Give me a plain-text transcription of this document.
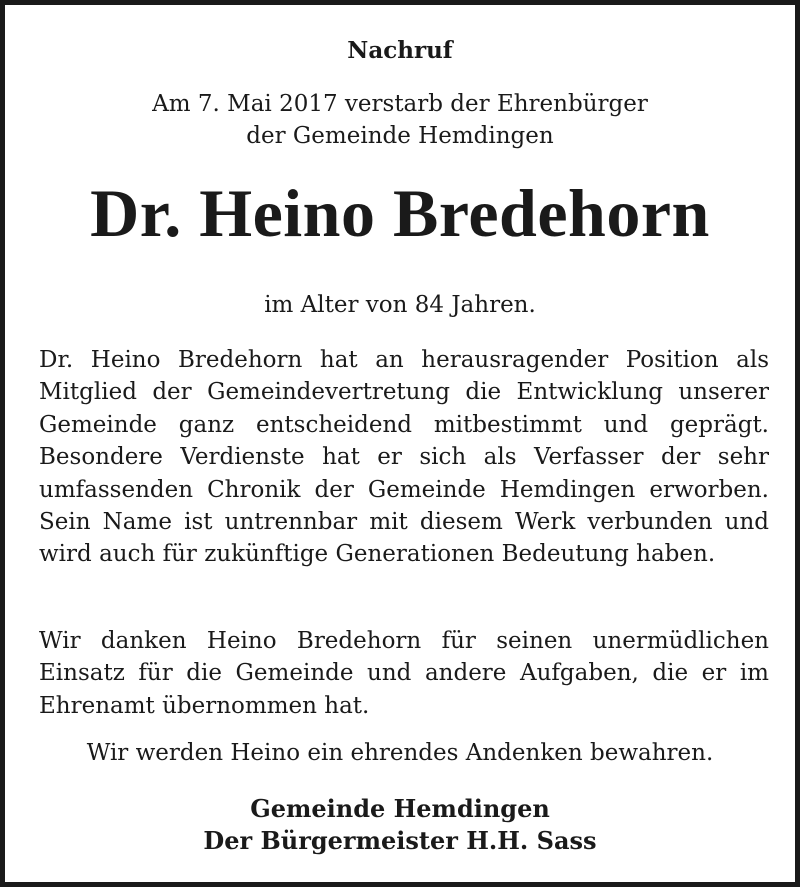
Nachruf
Am 7. Mai 2017 verstarb der Ehrenbürger
der Gemeinde Hemdingen
Dr. Heino Bredehorn
im Alter von 84 Jahren.

Dr. Heino Bredehorn hat an herausragender Position als Mitglied der Gemeindevertretung die Entwicklung unserer Gemeinde ganz entscheidend mitbestimmt und geprägt. Besondere Verdienste hat er sich als Verfasser der sehr umfassenden Chronik der Gemeinde Hemdingen erworben. Sein Name ist untrennbar mit diesem Werk verbunden und wird auch für zukünftige Generationen Bedeutung haben.

Wir danken Heino Bredehorn für seinen unermüdlichen Einsatz für die Gemeinde und andere Aufgaben, die er im Ehrenamt übernommen hat.

Wir werden Heino ein ehrendes Andenken bewahren.
Gemeinde Hemdingen
Der Bürgermeister H.H. Sass
